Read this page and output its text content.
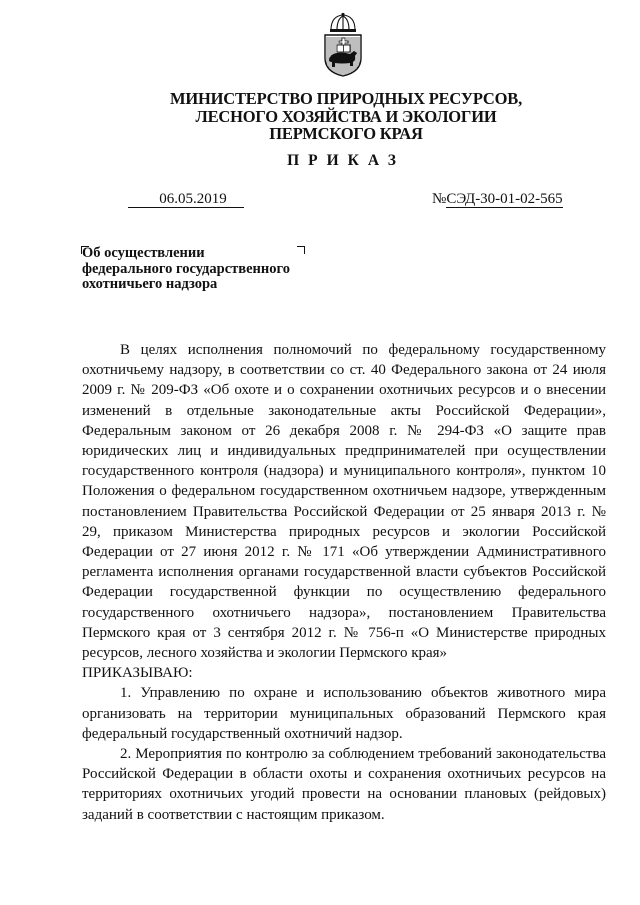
МИНИСТЕРСТВО ПРИРОДНЫХ РЕСУРСОВ,
ЛЕСНОГО ХОЗЯЙСТВА И ЭКОЛОГИИ
ПЕРМСКОГО КРАЯ
ПРИКАЗ
06.05.2019	№СЭД-30-01-02-565
Об осуществлении
федерального государственного
охотничьего надзора

В целях исполнения полномочий по федеральному государственному охотничьему надзору, в соответствии со ст. 40 Федерального закона от 24 июля 2009 г. № 209-ФЗ «Об охоте и о сохранении охотничьих ресурсов и о внесении изменений в отдельные законодательные акты Российской Федерации», Федеральным законом от 26 декабря 2008 г. № 294-ФЗ «О защите прав юридических лиц и индивидуальных предпринимателей при осуществлении государственного контроля (надзора) и муниципального контроля», пунктом 10 Положения о федеральном государственном охотничьем надзоре, утвержденным постановлением Правительства Российской Федерации от 25 января 2013 г. № 29, приказом Министерства природных ресурсов и экологии Российской Федерации от 27 июня 2012 г. № 171 «Об утверждении Административного регламента исполнения органами государственной власти субъектов Российской Федерации государственной функции по осуществлению федерального государственного охотничьего надзора», постановлением Правительства Пермского края от 3 сентября 2012 г. № 756-п «О Министерстве природных ресурсов, лесного хозяйства и экологии Пермского края»

ПРИКАЗЫВАЮ:

1. Управлению по охране и использованию объектов животного мира организовать на территории муниципальных образований Пермского края федеральный государственный охотничий надзор.

2. Мероприятия по контролю за соблюдением требований законодательства Российской Федерации в области охоты и сохранения охотничьих ресурсов на территориях охотничьих угодий провести на основании плановых (рейдовых) заданий в соответствии с настоящим приказом.
